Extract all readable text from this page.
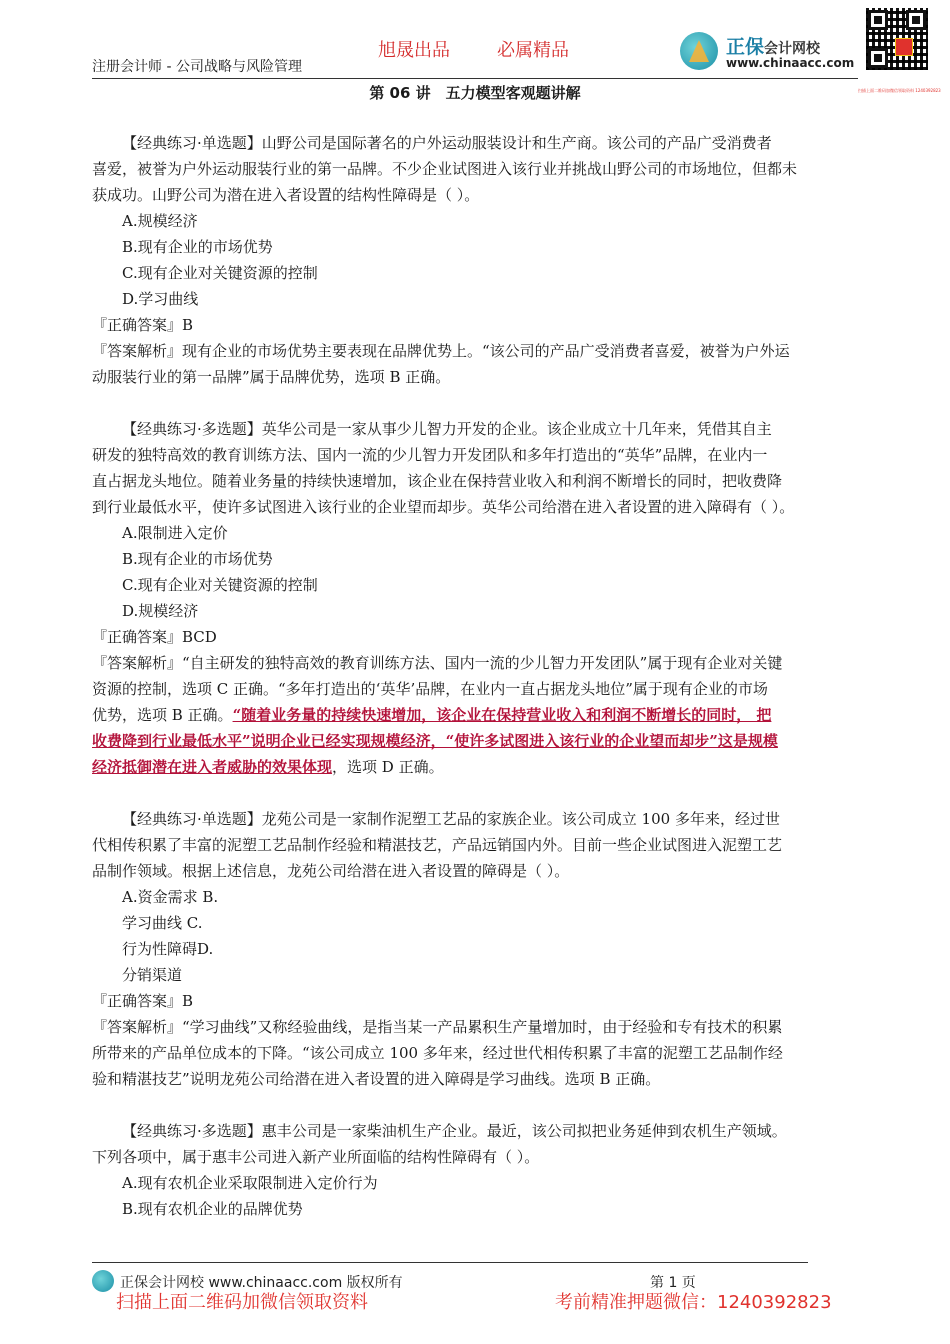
注册会计师 - 公司战略与风险管理
旭晟出品	必属精品	正保会计网校
www.chinaacc.com
扫描上面二维码加微信领取资料 1240392823
第 06 讲　五力模型客观题讲解
【经典练习·单选题】山野公司是国际著名的户外运动服装设计和生产商。该公司的产品广受消费者
喜爱，被誉为户外运动服装行业的第一品牌。不少企业试图进入该行业并挑战山野公司的市场地位，但都未
获成功。山野公司为潜在进入者设置的结构性障碍是（ ）。
A.规模经济
B.现有企业的市场优势
C.现有企业对关键资源的控制
D.学习曲线
『正确答案』B
『答案解析』现有企业的市场优势主要表现在品牌优势上。“该公司的产品广受消费者喜爱，被誉为户外运
动服装行业的第一品牌”属于品牌优势，选项 B 正确。
【经典练习·多选题】英华公司是一家从事少儿智力开发的企业。该企业成立十几年来，凭借其自主
研发的独特高效的教育训练方法、国内一流的少儿智力开发团队和多年打造出的“英华”品牌，在业内一
直占据龙头地位。随着业务量的持续快速增加，该企业在保持营业收入和利润不断增长的同时，把收费降
到行业最低水平，使许多试图进入该行业的企业望而却步。英华公司给潜在进入者设置的进入障碍有（ ）。
A.限制进入定价
B.现有企业的市场优势
C.现有企业对关键资源的控制
D.规模经济
『正确答案』BCD
『答案解析』“自主研发的独特高效的教育训练方法、国内一流的少儿智力开发团队”属于现有企业对关键
资源的控制，选项 C 正确。“多年打造出的‘英华’品牌，在业内一直占据龙头地位”属于现有企业的市场
优势，选项 B 正确。“随着业务量的持续快速增加，该企业在保持营业收入和利润不断增长的同时， 把
收费降到行业最低水平”说明企业已经实现规模经济，“使许多试图进入该行业的企业望而却步”这是规模
经济抵御潜在进入者威胁的效果体现，选项 D 正确。
【经典练习·单选题】龙苑公司是一家制作泥塑工艺品的家族企业。该公司成立 100 多年来，经过世
代相传积累了丰富的泥塑工艺品制作经验和精湛技艺，产品远销国内外。目前一些企业试图进入泥塑工艺
品制作领域。根据上述信息，龙苑公司给潜在进入者设置的障碍是（ ）。
A.资金需求 B.
学习曲线 C.
行为性障碍D.
分销渠道
『正确答案』B
『答案解析』“学习曲线”又称经验曲线，是指当某一产品累积生产量增加时，由于经验和专有技术的积累
所带来的产品单位成本的下降。“该公司成立 100 多年来，经过世代相传积累了丰富的泥塑工艺品制作经
验和精湛技艺”说明龙苑公司给潜在进入者设置的进入障碍是学习曲线。选项 B 正确。
【经典练习·多选题】惠丰公司是一家柴油机生产企业。最近，该公司拟把业务延伸到农机生产领域。
下列各项中，属于惠丰公司进入新产业所面临的结构性障碍有（ ）。
A.现有农机企业采取限制进入定价行为
B.现有农机企业的品牌优势
正保会计网校 www.chinaacc.com 版权所有	第 1 页
扫描上面二维码加微信领取资料	考前精准押题微信：1240392823
